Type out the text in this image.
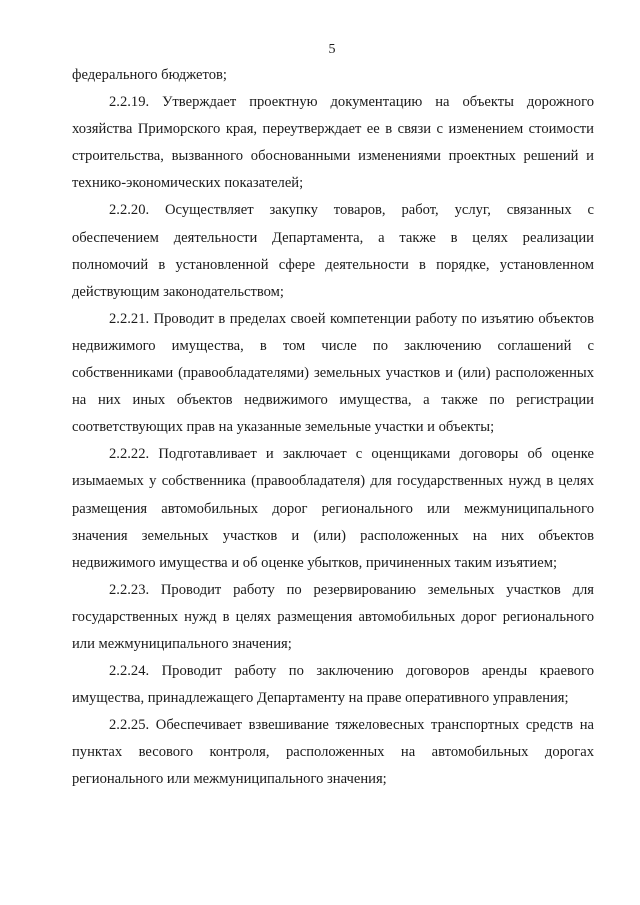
5

федерального бюджетов;

2.2.19. Утверждает проектную документацию на объекты дорожного хозяйства Приморского края, переутверждает ее в связи с изменением стоимости строительства, вызванного обоснованными изменениями проектных решений и технико-экономических показателей;

2.2.20. Осуществляет закупку товаров, работ, услуг, связанных с обеспечением деятельности Департамента, а также в целях реализации полномочий в установленной сфере деятельности в порядке, установленном действующим законодательством;

2.2.21. Проводит в пределах своей компетенции работу по изъятию объектов недвижимого имущества, в том числе по заключению соглашений с собственниками (правообладателями) земельных участков и (или) расположенных на них иных объектов недвижимого имущества, а также по регистрации соответствующих прав на указанные земельные участки и объекты;

2.2.22. Подготавливает и заключает с оценщиками договоры об оценке изымаемых у собственника (правообладателя) для государственных нужд в целях размещения автомобильных дорог регионального или межмуниципального значения земельных участков и (или) расположенных на них объектов недвижимого имущества и об оценке убытков, причиненных таким изъятием;

2.2.23. Проводит работу по резервированию земельных участков для государственных нужд в целях размещения автомобильных дорог регионального или межмуниципального значения;

2.2.24. Проводит работу по заключению договоров аренды краевого имущества, принадлежащего Департаменту на праве оперативного управления;

2.2.25. Обеспечивает взвешивание тяжеловесных транспортных средств на пунктах весового контроля, расположенных на автомобильных дорогах регионального или межмуниципального значения;
